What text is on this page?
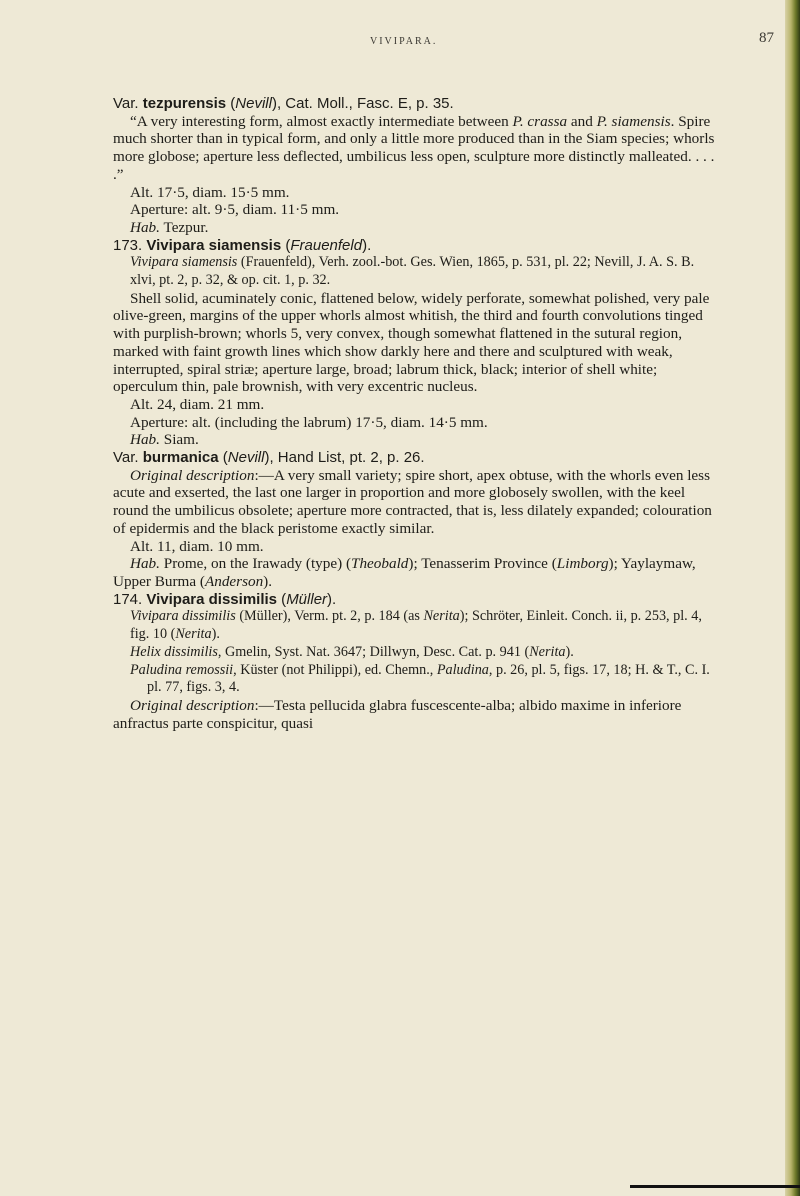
VIVIPARA.	87

Var. tezpurensis (Nevill), Cat. Moll., Fasc. E, p. 35.

“A very interesting form, almost exactly intermediate between P. crassa and P. siamensis. Spire much shorter than in typical form, and only a little more produced than in the Siam species; whorls more globose; aperture less deflected, umbilicus less open, sculpture more distinctly malleated. . . . .”

Alt. 17·5, diam. 15·5 mm.

Aperture: alt. 9·5, diam. 11·5 mm.

Hab. Tezpur.

173. Vivipara siamensis (Frauenfeld).

Vivipara siamensis (Frauenfeld), Verh. zool.-bot. Ges. Wien, 1865, p. 531, pl. 22; Nevill, J. A. S. B. xlvi, pt. 2, p. 32, & op. cit. 1, p. 32.

Shell solid, acuminately conic, flattened below, widely perforate, somewhat polished, very pale olive-green, margins of the upper whorls almost whitish, the third and fourth convolutions tinged with purplish-brown; whorls 5, very convex, though somewhat flattened in the sutural region, marked with faint growth lines which show darkly here and there and sculptured with weak, interrupted, spiral striæ; aperture large, broad; labrum thick, black; interior of shell white; operculum thin, pale brownish, with very excentric nucleus.

Alt. 24, diam. 21 mm.

Aperture: alt. (including the labrum) 17·5, diam. 14·5 mm.

Hab. Siam.

Var. burmanica (Nevill), Hand List, pt. 2, p. 26.

Original description:—A very small variety; spire short, apex obtuse, with the whorls even less acute and exserted, the last one larger in proportion and more globosely swollen, with the keel round the umbilicus obsolete; aperture more contracted, that is, less dilately expanded; colouration of epidermis and the black peristome exactly similar.

Alt. 11, diam. 10 mm.

Hab. Prome, on the Irawady (type) (Theobald); Tenasserim Province (Limborg); Yaylaymaw, Upper Burma (Anderson).

174. Vivipara dissimilis (Müller).

Vivipara dissimilis (Müller), Verm. pt. 2, p. 184 (as Nerita); Schröter, Einleit. Conch. ii, p. 253, pl. 4, fig. 10 (Nerita).

Helix dissimilis, Gmelin, Syst. Nat. 3647; Dillwyn, Desc. Cat. p. 941 (Nerita).

Paludina remossii, Küster (not Philippi), ed. Chemn., Paludina, p. 26, pl. 5, figs. 17, 18; H. & T., C. I. pl. 77, figs. 3, 4.

Original description:—Testa pellucida glabra fuscescente-alba; albido maxime in inferiore anfractus parte conspicitur, quasi
